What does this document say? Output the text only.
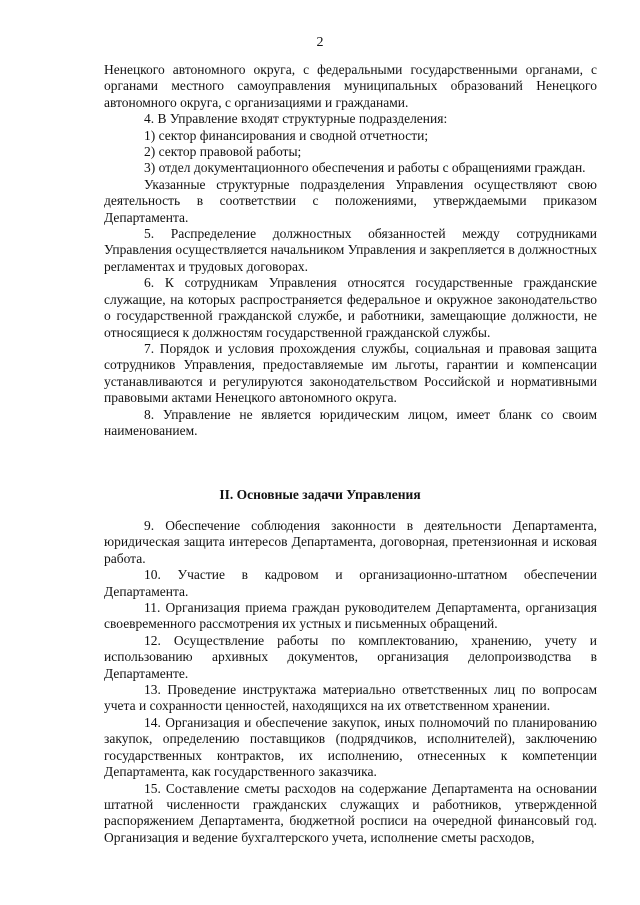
2

Ненецкого автономного округа, с федеральными государственными органами, с органами местного самоуправления муниципальных образований Ненецкого автономного округа, с организациями и гражданами.

4. В Управление входят структурные подразделения:

1) сектор финансирования и сводной отчетности;

2) сектор правовой работы;

3) отдел документационного обеспечения и работы с обращениями граждан.

Указанные структурные подразделения Управления осуществляют свою деятельность в соответствии с положениями, утверждаемыми приказом Департамента.

5. Распределение должностных обязанностей между сотрудниками Управления осуществляется начальником Управления и закрепляется в должностных регламентах и трудовых договорах.

6. К сотрудникам Управления относятся государственные гражданские служащие, на которых распространяется федеральное и окружное законодательство о государственной гражданской службе, и работники, замещающие должности, не относящиеся к должностям государственной гражданской службы.

7. Порядок и условия прохождения службы, социальная и правовая защита сотрудников Управления, предоставляемые им льготы, гарантии и компенсации устанавливаются и регулируются законодательством Российской и нормативными правовыми актами Ненецкого автономного округа.

8. Управление не является юридическим лицом, имеет бланк со своим наименованием.

II. Основные задачи Управления

9. Обеспечение соблюдения законности в деятельности Департамента, юридическая защита интересов Департамента, договорная, претензионная и исковая работа.

10. Участие в кадровом и организационно-штатном обеспечении Департамента.

11. Организация приема граждан руководителем Департамента, организация своевременного рассмотрения их устных и письменных обращений.

12. Осуществление работы по комплектованию, хранению, учету и использованию архивных документов, организация делопроизводства в Департаменте.

13. Проведение инструктажа материально ответственных лиц по вопросам учета и сохранности ценностей, находящихся на их ответственном хранении.

14. Организация и обеспечение закупок, иных полномочий по планированию закупок, определению поставщиков (подрядчиков, исполнителей), заключению государственных контрактов, их исполнению, отнесенных к компетенции Департамента, как государственного заказчика.

15. Составление сметы расходов на содержание Департамента на основании штатной численности гражданских служащих и работников, утвержденной распоряжением Департамента, бюджетной росписи на очередной финансовый год. Организация и ведение бухгалтерского учета, исполнение сметы расходов,
